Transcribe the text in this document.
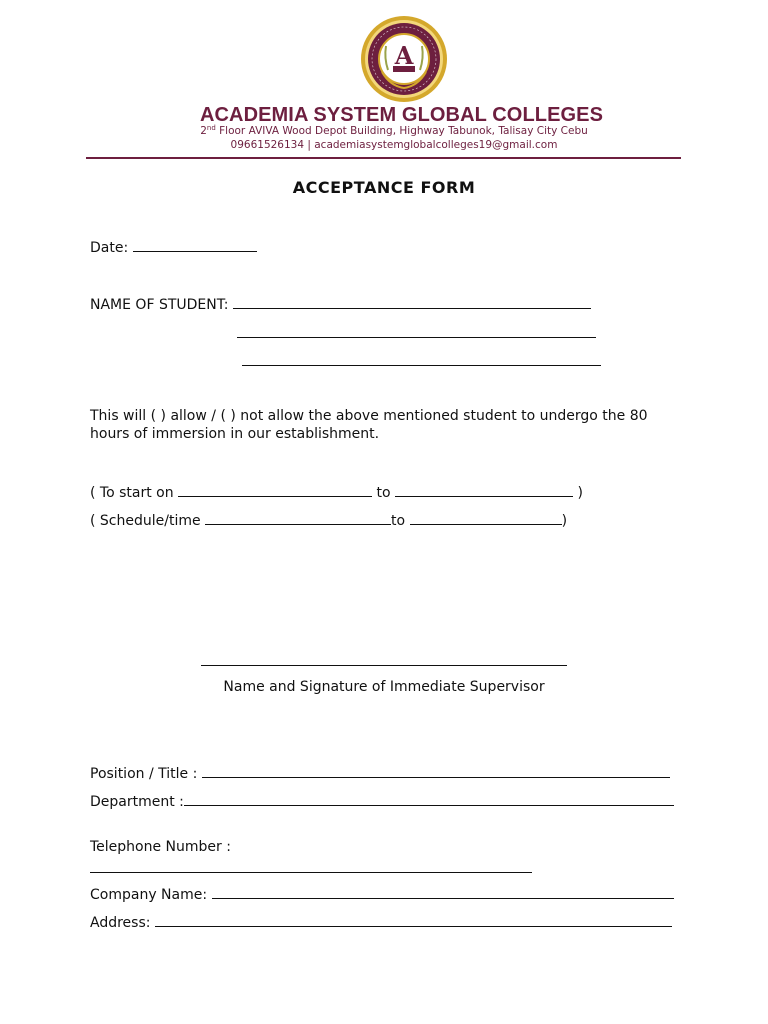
A
ACADEMIA SYSTEM GLOBAL COLLEGES
2nd Floor AVIVA Wood Depot Building, Highway Tabunok, Talisay City Cebu
09661526134 | academiasystemglobalcolleges19@gmail.com
ACCEPTANCE FORM
Date:
NAME OF STUDENT:
This will ( ) allow / ( ) not allow the above mentioned student to undergo the 80
hours of immersion in our establishment.
( To start on	to	)
( Schedule/time	to	)
Name and Signature of Immediate Supervisor
Position / Title :
Department :
Telephone Number :
Company Name:
Address:
